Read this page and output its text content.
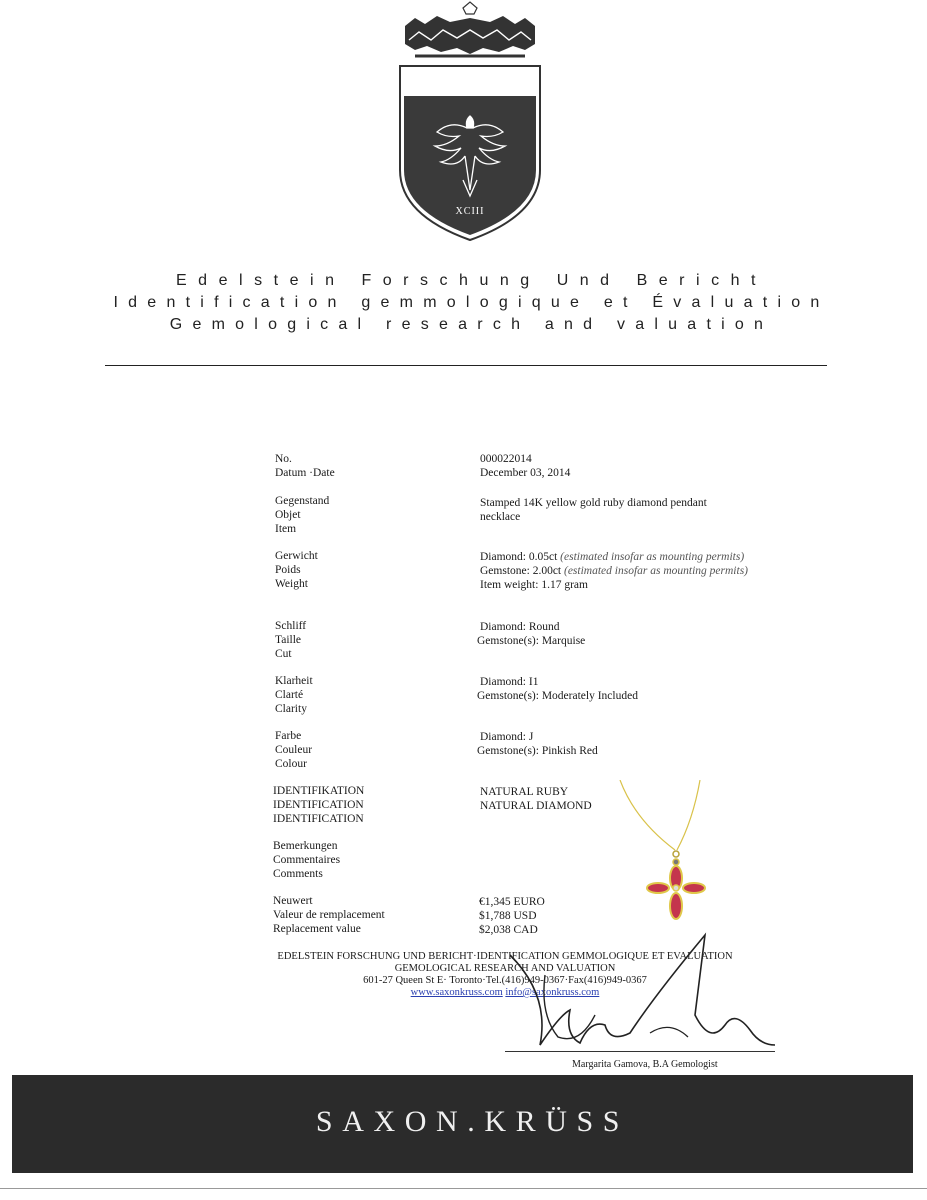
XCIII
Edelstein Forschung Und Bericht
Identification gemmologique et Évaluation
Gemological research and valuation
No.	000022014
Datum ·Date	December 03, 2014
Gegenstand
Objet
Item
Stamped 14K yellow gold ruby diamond pendant
necklace
Gerwicht
Poids
Weight
Diamond: 0.05ct (estimated insofar as mounting permits)
Gemstone: 2.00ct (estimated insofar as mounting permits)
Item weight: 1.17 gram
Schliff
Taille
Cut
Diamond: Round
Gemstone(s): Marquise
Klarheit
Clarté
Clarity
Diamond: I1
Gemstone(s): Moderately Included
Farbe
Couleur
Colour
Diamond: J
Gemstone(s): Pinkish Red
IDENTIFIKATION
IDENTIFICATION
IDENTIFICATION
NATURAL RUBY
NATURAL DIAMOND
Bemerkungen
Commentaires
Comments
Neuwert
Valeur de remplacement
Replacement value
€1,345 EURO
$1,788 USD
$2,038 CAD
EDELSTEIN FORSCHUNG UND BERICHT·IDENTIFICATION GEMMOLOGIQUE ET EVALUATION
GEMOLOGICAL RESEARCH AND VALUATION
601-27 Queen St E· Toronto·Tel.(416)949-0367·Fax(416)949-0367
www.saxonkruss.com info@saxonkruss.com
Margarita Gamova, B.A Gemologist
SAXON.KRÜSS
